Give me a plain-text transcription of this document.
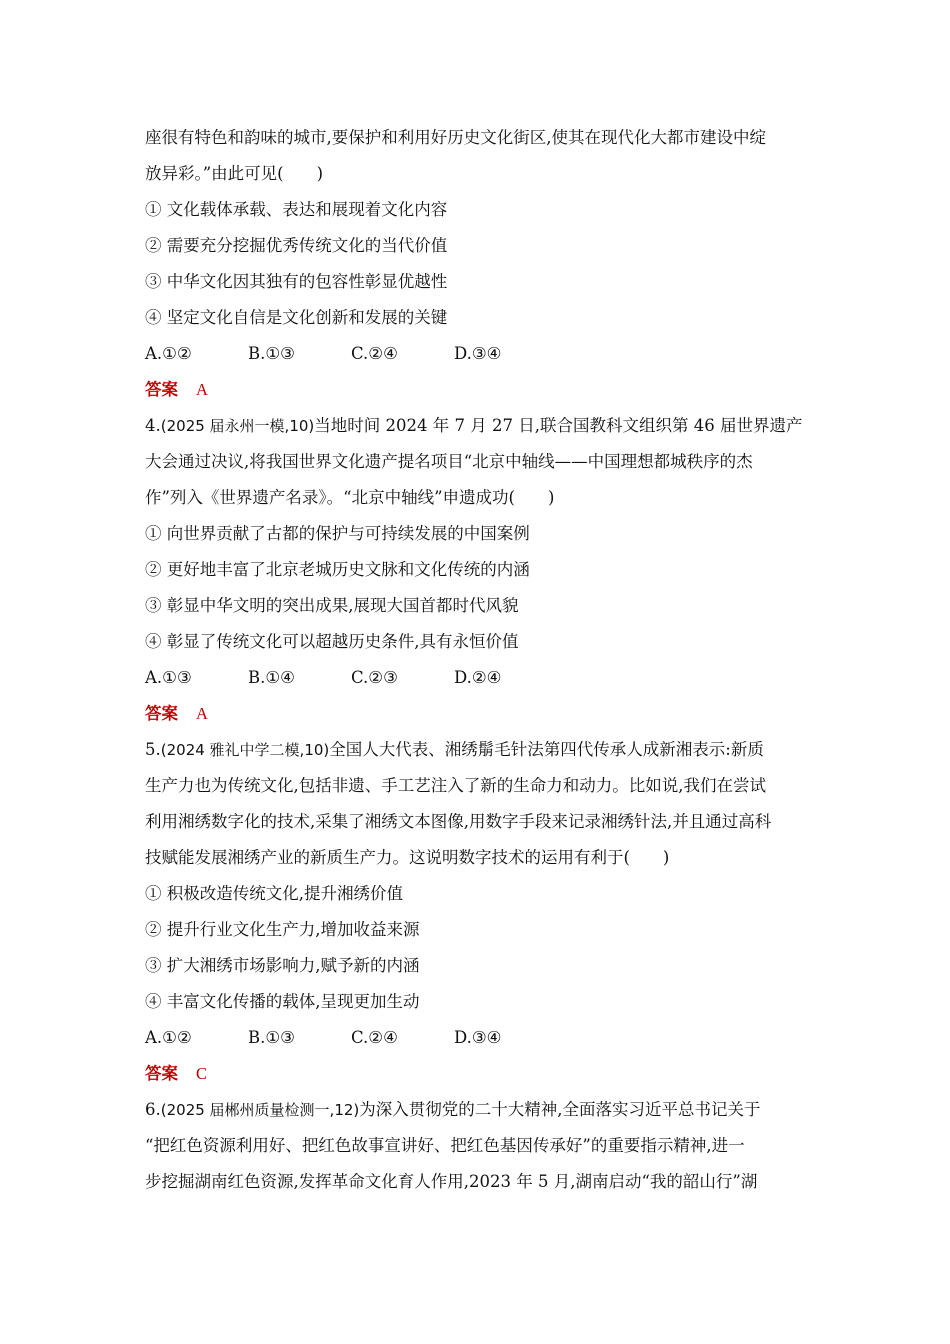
座很有特色和韵味的城市,要保护和利用好历史文化街区,使其在现代化大都市建设中绽
放异彩。”由此可见(　　)
① 文化载体承载、表达和展现着文化内容
② 需要充分挖掘优秀传统文化的当代价值
③ 中华文化因其独有的包容性彰显优越性
④ 坚定文化自信是文化创新和发展的关键
A.①②	B.①③	C.②④	D.③④
答案 A
4.(2025 届永州一模,10)当地时间 2024 年 7 月 27 日,联合国教科文组织第 46 届世界遗产
大会通过决议,将我国世界文化遗产提名项目“北京中轴线——中国理想都城秩序的杰
作”列入《世界遗产名录》。“北京中轴线”申遗成功(　　)
① 向世界贡献了古都的保护与可持续发展的中国案例
② 更好地丰富了北京老城历史文脉和文化传统的内涵
③ 彰显中华文明的突出成果,展现大国首都时代风貌
④ 彰显了传统文化可以超越历史条件,具有永恒价值
A.①③	B.①④	C.②③	D.②④
答案 A
5.(2024 雅礼中学二模,10)全国人大代表、湘绣鬅毛针法第四代传承人成新湘表示:新质
生产力也为传统文化,包括非遗、手工艺注入了新的生命力和动力。比如说,我们在尝试
利用湘绣数字化的技术,采集了湘绣文本图像,用数字手段来记录湘绣针法,并且通过高科
技赋能发展湘绣产业的新质生产力。这说明数字技术的运用有利于(　　)
① 积极改造传统文化,提升湘绣价值
② 提升行业文化生产力,增加收益来源
③ 扩大湘绣市场影响力,赋予新的内涵
④ 丰富文化传播的载体,呈现更加生动
A.①②	B.①③	C.②④	D.③④
答案 C
6.(2025 届郴州质量检测一,12)为深入贯彻党的二十大精神,全面落实习近平总书记关于
“把红色资源利用好、把红色故事宣讲好、把红色基因传承好”的重要指示精神,进一
步挖掘湖南红色资源,发挥革命文化育人作用,2023 年 5 月,湖南启动“我的韶山行”湖
